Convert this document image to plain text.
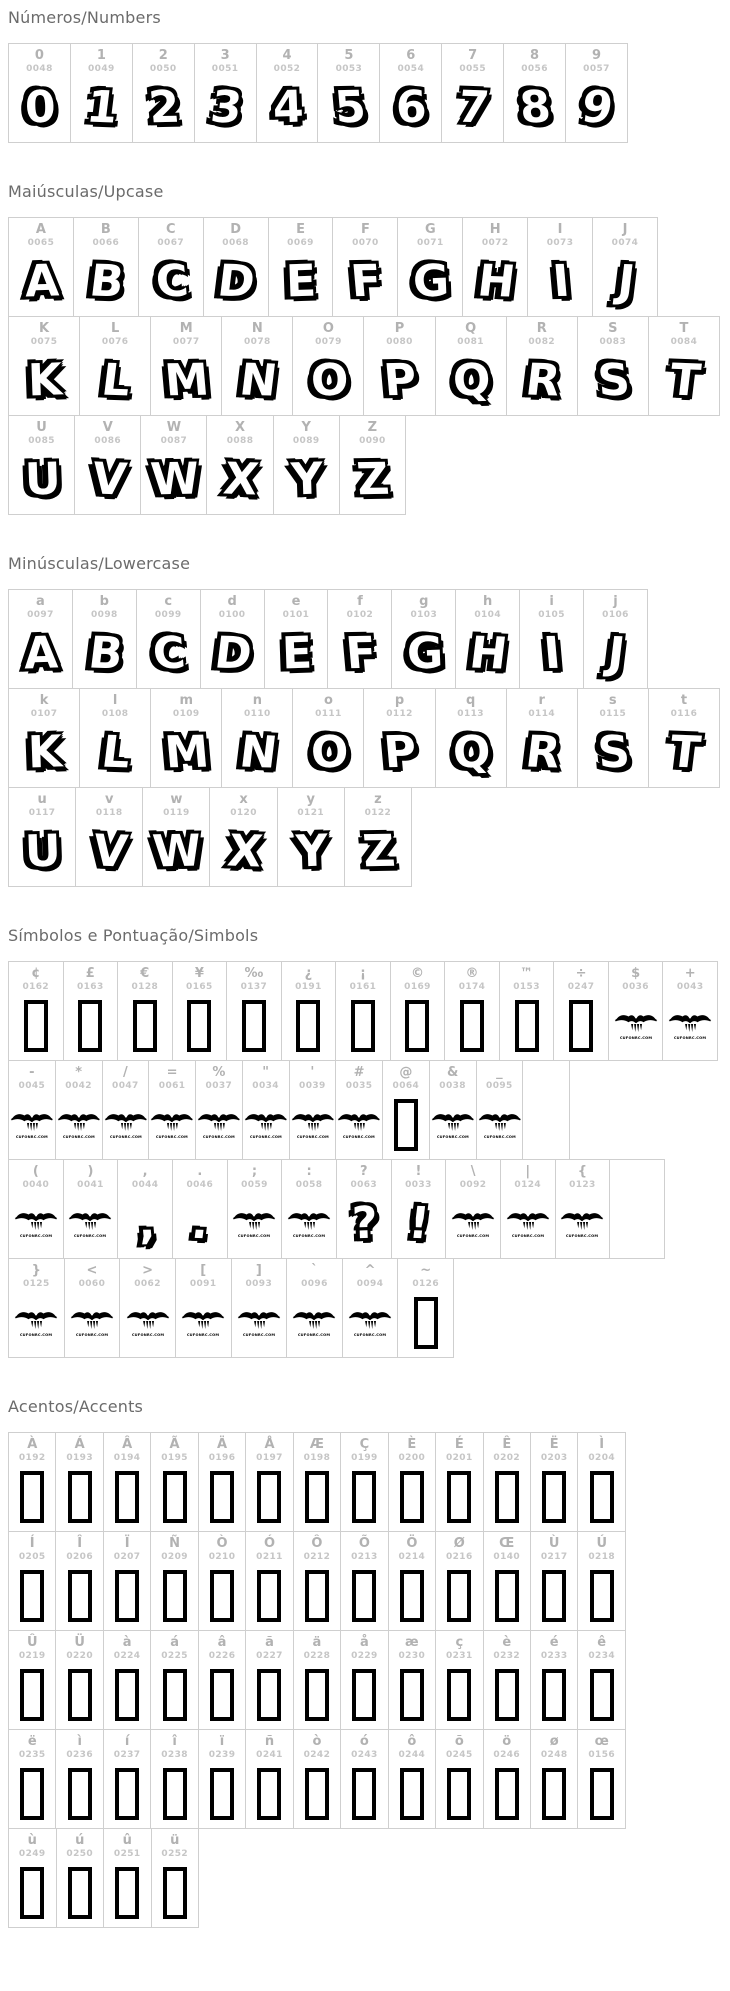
Números/Numbers
0
0048
0

1
0049
1

2
0050
2

3
0051
3

4
0052
4

5
0053
5

6
0054
6

7
0055
7

8
0056
8

9
0057
9
Maiúsculas/Upcase
A
0065
A

B
0066
B

C
0067
C

D
0068
D

E
0069
E

F
0070
F

G
0071
G

H
0072
H

I
0073
I

J
0074
J
K
0075
K

L
0076
L

M
0077
M

N
0078
N

O
0079
O

P
0080
P

Q
0081
Q

R
0082
R

S
0083
S

T
0084
T
U
0085
U

V
0086
V

W
0087
W

X
0088
X

Y
0089
Y

Z
0090
Z
Minúsculas/Lowercase
a
0097
A

b
0098
B

c
0099
C

d
0100
D

e
0101
E

f
0102
F

g
0103
G

h
0104
H

i
0105
I

j
0106
J
k
0107
K

l
0108
L

m
0109
M

n
0110
N

o
0111
O

p
0112
P

q
0113
Q

r
0114
R

s
0115
S

t
0116
T
u
0117
U

v
0118
V

w
0119
W

x
0120
X

y
0121
Y

z
0122
Z
Símbolos e Pontuação/Simbols
¢
0162

£
0163

€
0128

¥
0165

‰
0137

¿
0191

¡
0161

©
0169

®
0174

™
0153

÷
0247

$
0036
CUFONRC.COM

+
0043
CUFONRC.COM
-
0045
CUFONRC.COM

*
0042
CUFONRC.COM

/
0047
CUFONRC.COM

=
0061
CUFONRC.COM

%
0037
CUFONRC.COM

"
0034
CUFONRC.COM

'
0039
CUFONRC.COM

#
0035
CUFONRC.COM

@
0064

&
0038
CUFONRC.COM

_
0095
CUFONRC.COM

(
0040
CUFONRC.COM

)
0041
CUFONRC.COM

,
0044
,

.
0046
.

;
0059
CUFONRC.COM

:
0058
CUFONRC.COM

?
0063
?

!
0033
!

\
0092
CUFONRC.COM

|
0124
CUFONRC.COM

{
0123
CUFONRC.COM

}
0125
CUFONRC.COM

<
0060
CUFONRC.COM

>
0062
CUFONRC.COM

[
0091
CUFONRC.COM

]
0093
CUFONRC.COM

`
0096
CUFONRC.COM

^
0094
CUFONRC.COM

~
0126
Acentos/Accents
À
0192

Á
0193

Â
0194

Ã
0195

Ä
0196

Å
0197

Æ
0198

Ç
0199

È
0200

É
0201

Ê
0202

Ë
0203

Ì
0204
Í
0205

Î
0206

Ï
0207

Ñ
0209

Ò
0210

Ó
0211

Ô
0212

Õ
0213

Ö
0214

Ø
0216

Œ
0140

Ù
0217

Ú
0218
Û
0219

Ü
0220

à
0224

á
0225

â
0226

ã
0227

ä
0228

å
0229

æ
0230

ç
0231

è
0232

é
0233

ê
0234
ë
0235

ì
0236

í
0237

î
0238

ï
0239

ñ
0241

ò
0242

ó
0243

ô
0244

õ
0245

ö
0246

ø
0248

œ
0156
ù
0249

ú
0250

û
0251

ü
0252
